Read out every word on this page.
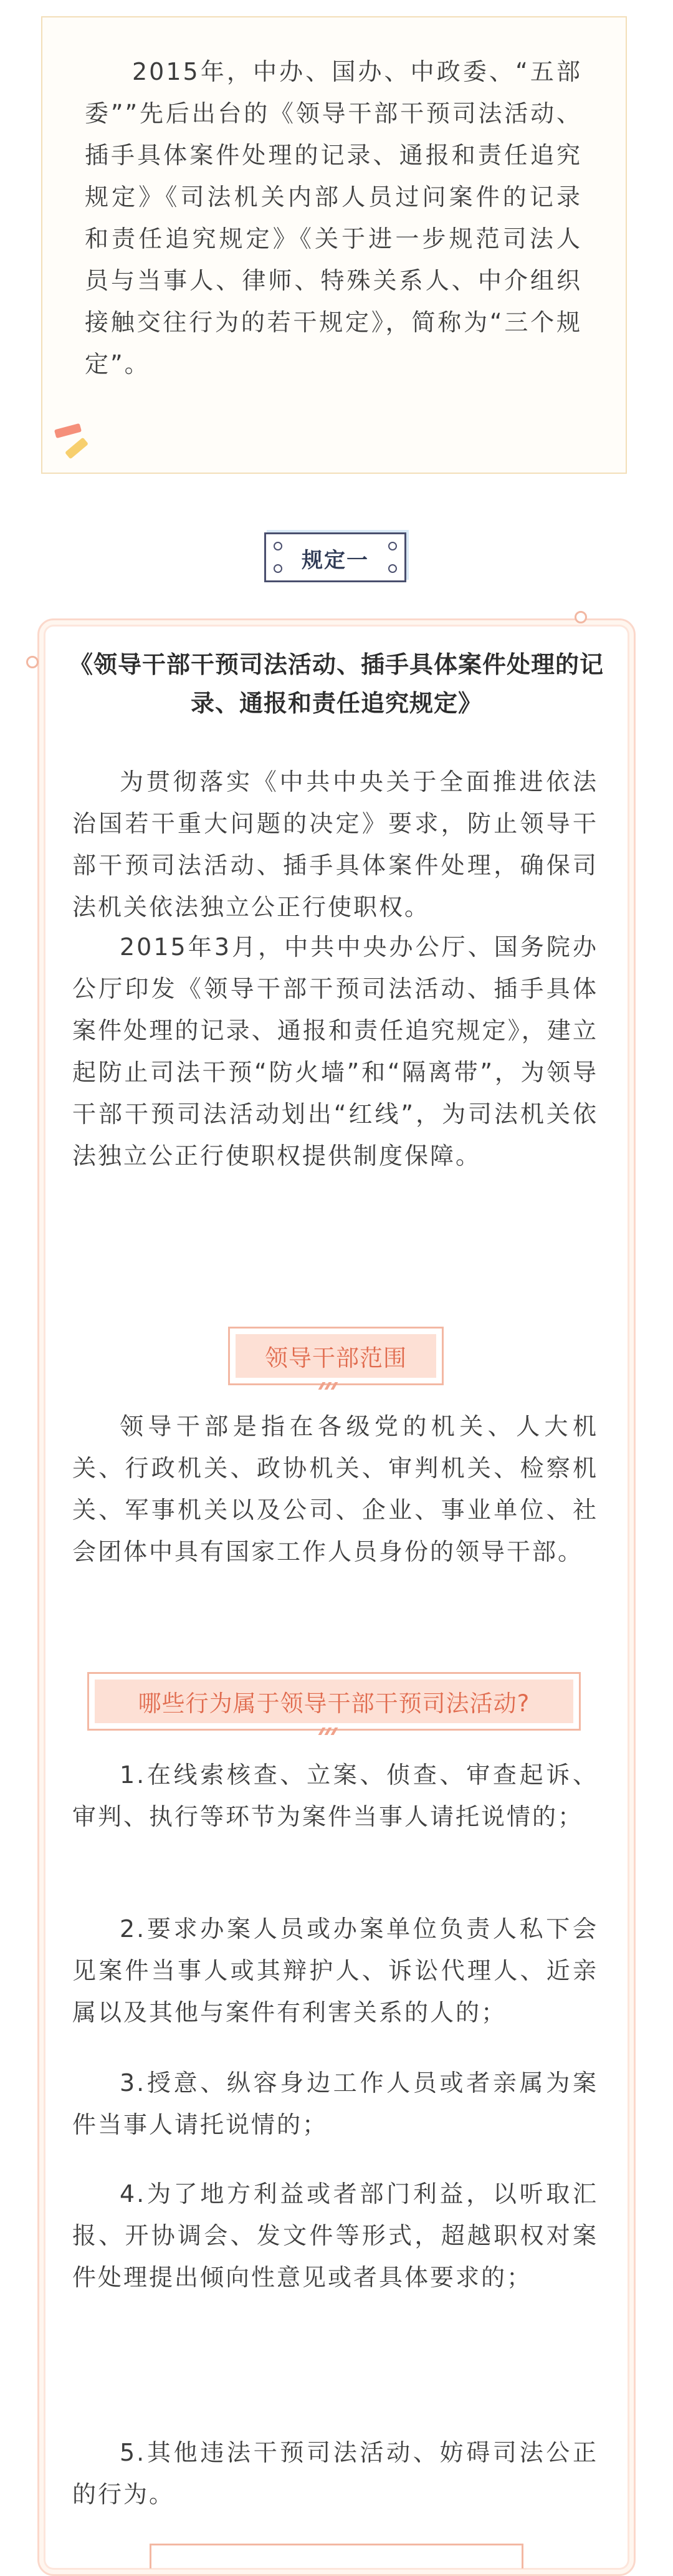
2015年，中办、国办、中政委、“五部委””先后出台的《领导干部干预司法活动、插手具体案件处理的记录、通报和责任追究规定》《司法机关内部人员过问案件的记录和责任追究规定》《关于进一步规范司法人员与当事人、律师、特殊关系人、中介组织接触交往行为的若干规定》，简称为“三个规定”。

规定一
《领导干部干预司法活动、插手具体案件处理的记录、通报和责任追究规定》

为贯彻落实《中共中央关于全面推进依法治国若干重大问题的决定》要求，防止领导干部干预司法活动、插手具体案件处理，确保司法机关依法独立公正行使职权。

2015年3月，中共中央办公厅、国务院办公厅印发《领导干部干预司法活动、插手具体案件处理的记录、通报和责任追究规定》，建立起防止司法干预“防火墙”和“隔离带”，为领导干部干预司法活动划出“红线”，为司法机关依法独立公正行使职权提供制度保障。

领导干部范围

领导干部是指在各级党的机关、人大机关、行政机关、政协机关、审判机关、检察机关、军事机关以及公司、企业、事业单位、社会团体中具有国家工作人员身份的领导干部。

哪些行为属于领导干部干预司法活动?

1.在线索核查、立案、侦查、审查起诉、审判、执行等环节为案件当事人请托说情的；

2.要求办案人员或办案单位负责人私下会见案件当事人或其辩护人、诉讼代理人、近亲属以及其他与案件有利害关系的人的；

3.授意、纵容身边工作人员或者亲属为案件当事人请托说情的；

4.为了地方利益或者部门利益，以听取汇报、开协调会、发文件等形式，超越职权对案件处理提出倾向性意见或者具体要求的；

5.其他违法干预司法活动、妨碍司法公正的行为。
